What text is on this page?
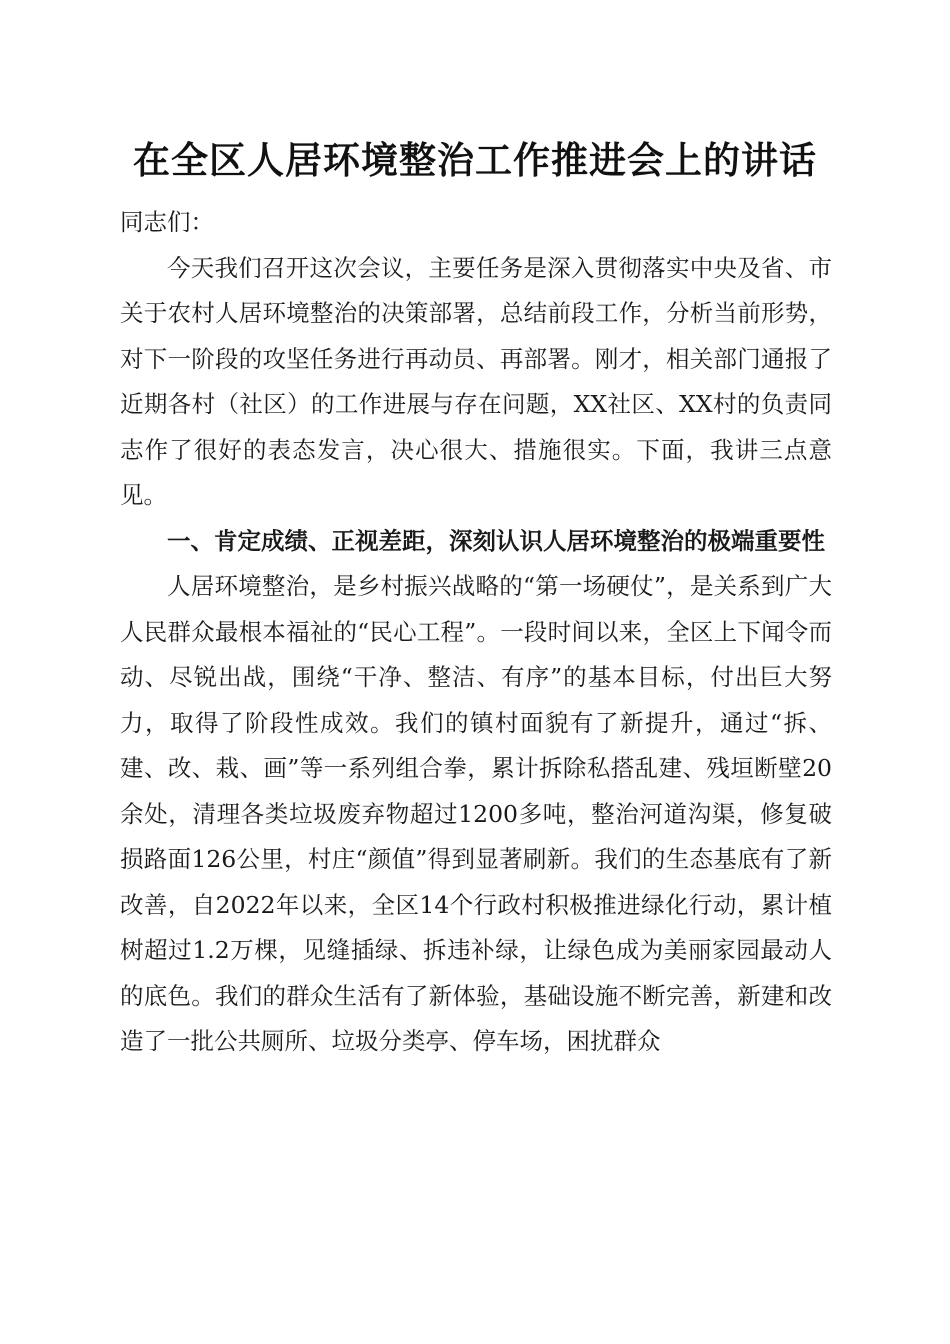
在全区人居环境整治工作推进会上的讲话

同志们：

今天我们召开这次会议，主要任务是深入贯彻落实中央及省、市关于农村人居环境整治的决策部署，总结前段工作，分析当前形势，对下一阶段的攻坚任务进行再动员、再部署。刚才，相关部门通报了近期各村（社区）的工作进展与存在问题，XX社区、XX村的负责同志作了很好的表态发言，决心很大、措施很实。下面，我讲三点意见。

一、肯定成绩、正视差距，深刻认识人居环境整治的极端重要性

人居环境整治，是乡村振兴战略的“第一场硬仗”，是关系到广大人民群众最根本福祉的“民心工程”。一段时间以来，全区上下闻令而动、尽锐出战，围绕“干净、整洁、有序”的基本目标，付出巨大努力，取得了阶段性成效。我们的镇村面貌有了新提升，通过“拆、建、改、栽、画”等一系列组合拳，累计拆除私搭乱建、残垣断壁20余处，清理各类垃圾废弃物超过1200多吨，整治河道沟渠，修复破损路面126公里，村庄“颜值”得到显著刷新。我们的生态基底有了新改善，自2022年以来，全区14个行政村积极推进绿化行动，累计植树超过1.2万棵，见缝插绿、拆违补绿，让绿色成为美丽家园最动人的底色。我们的群众生活有了新体验，基础设施不断完善，新建和改造了一批公共厕所、垃圾分类亭、停车场，困扰群众
